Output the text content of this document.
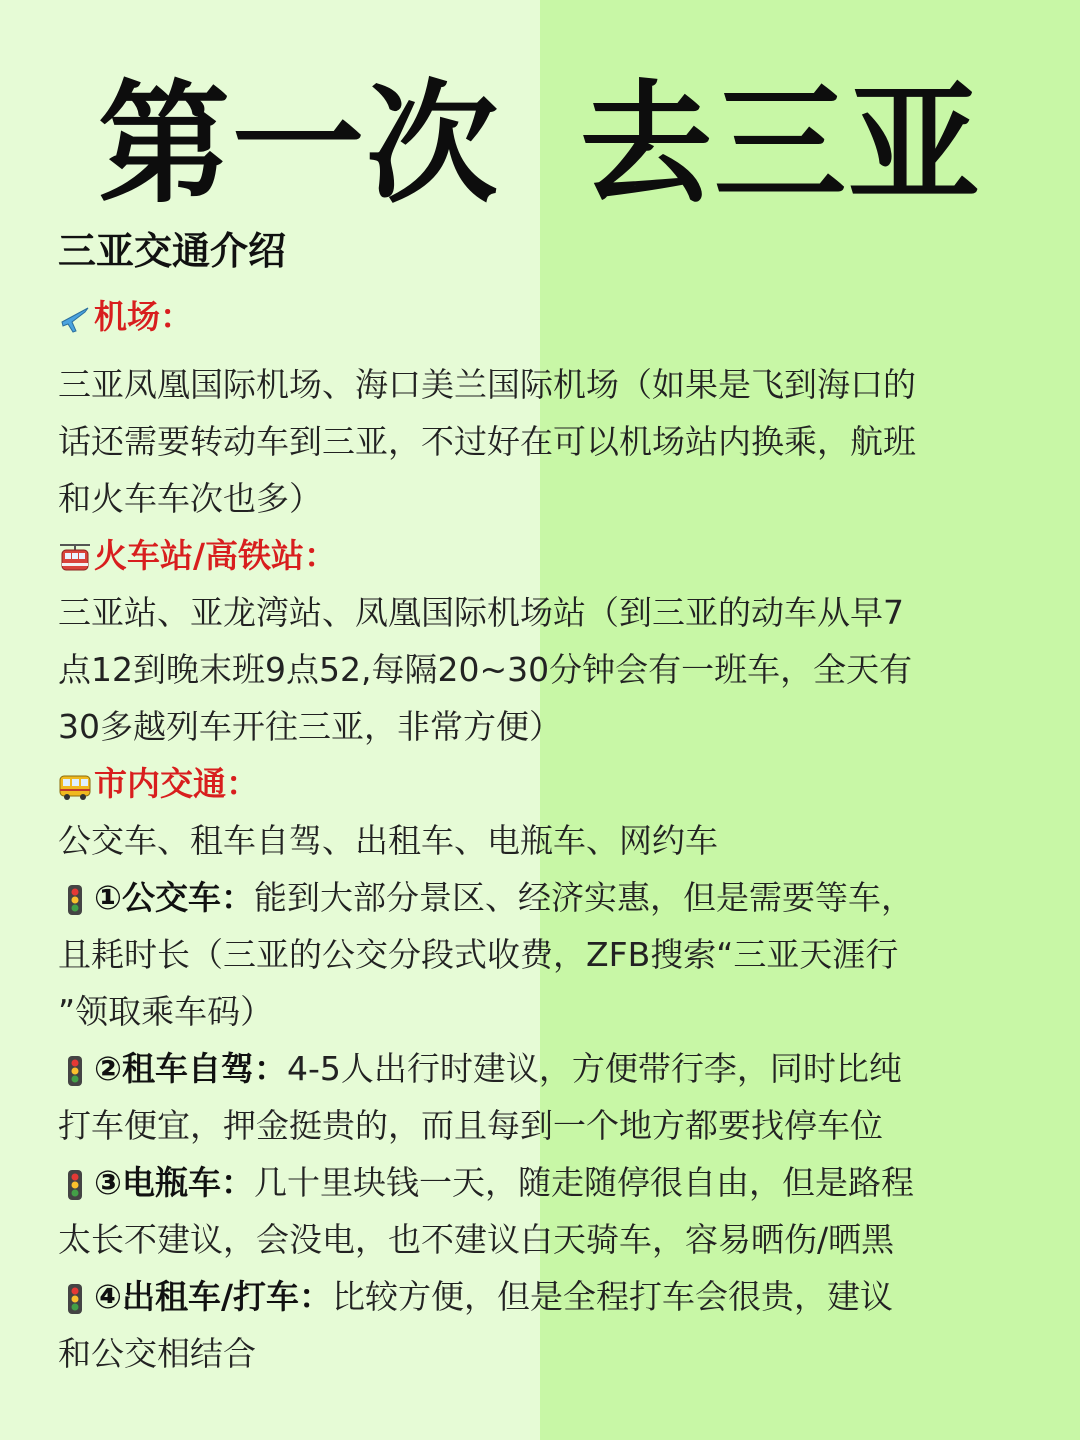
第一次 去三亚
三亚交通介绍
机场：
三亚凤凰国际机场、海口美兰国际机场（如果是飞到海口的
话还需要转动车到三亚，不过好在可以机场站内换乘，航班
和火车车次也多）
火车站/高铁站：
三亚站、亚龙湾站、凤凰国际机场站（到三亚的动车从早7
点12到晚末班9点52,每隔20~30分钟会有一班车，全天有
30多越列车开往三亚，非常方便）
市内交通：
公交车、租车自驾、出租车、电瓶车、网约车
①公交车：能到大部分景区、经济实惠，但是需要等车，
且耗时长（三亚的公交分段式收费，ZFB搜索“三亚天涯行
”领取乘车码）
②租车自驾：4-5人出行时建议，方便带行李，同时比纯
打车便宜，押金挺贵的，而且每到一个地方都要找停车位
③电瓶车：几十里块钱一天，随走随停很自由，但是路程
太长不建议，会没电，也不建议白天骑车，容易晒伤/晒黑
④出租车/打车：比较方便，但是全程打车会很贵，建议
和公交相结合
